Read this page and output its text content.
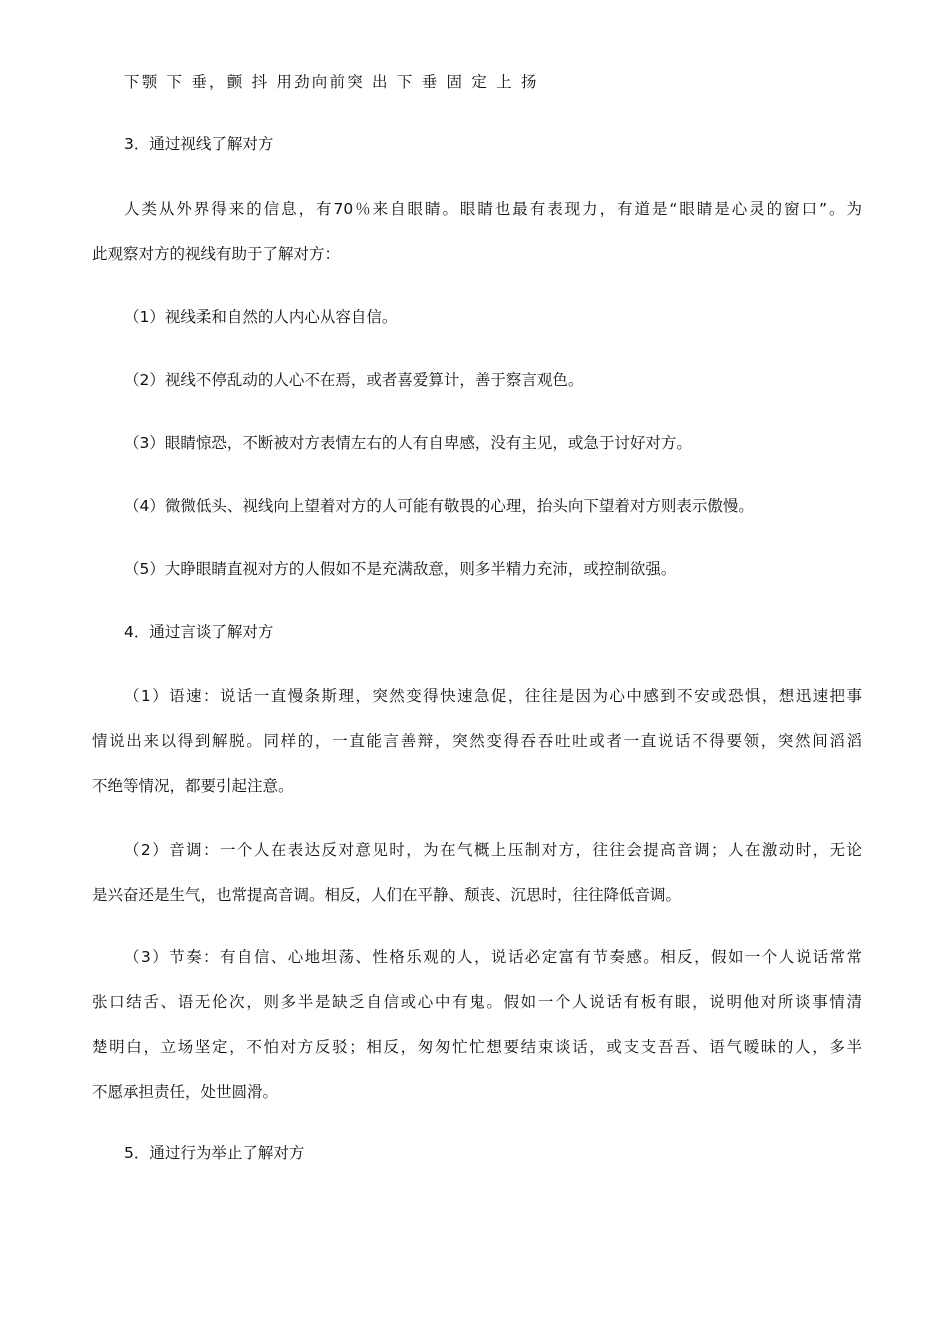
下颚 下 垂，颤 抖 用劲向前突 出 下 垂 固 定 上 扬
3．通过视线了解对方
人类从外界得来的信息，有70％来自眼睛。眼睛也最有表现力，有道是“眼睛是心灵的窗口”。为
此观察对方的视线有助于了解对方：
（1）视线柔和自然的人内心从容自信。
（2）视线不停乱动的人心不在焉，或者喜爱算计，善于察言观色。
（3）眼睛惊恐，不断被对方表情左右的人有自卑感，没有主见，或急于讨好对方。
（4）微微低头、视线向上望着对方的人可能有敬畏的心理，抬头向下望着对方则表示傲慢。
（5）大睁眼睛直视对方的人假如不是充满敌意，则多半精力充沛，或控制欲强。
4．通过言谈了解对方
（1）语速：说话一直慢条斯理，突然变得快速急促，往往是因为心中感到不安或恐惧，想迅速把事
情说出来以得到解脱。同样的，一直能言善辩，突然变得吞吞吐吐或者一直说话不得要领，突然间滔滔
不绝等情况，都要引起注意。
（2）音调：一个人在表达反对意见时，为在气概上压制对方，往往会提高音调；人在激动时，无论
是兴奋还是生气，也常提高音调。相反，人们在平静、颓丧、沉思时，往往降低音调。
（3）节奏：有自信、心地坦荡、性格乐观的人，说话必定富有节奏感。相反，假如一个人说话常常
张口结舌、语无伦次，则多半是缺乏自信或心中有鬼。假如一个人说话有板有眼，说明他对所谈事情清
楚明白，立场坚定，不怕对方反驳；相反，匆匆忙忙想要结束谈话，或支支吾吾、语气暧昧的人，多半
不愿承担责任，处世圆滑。
5．通过行为举止了解对方
